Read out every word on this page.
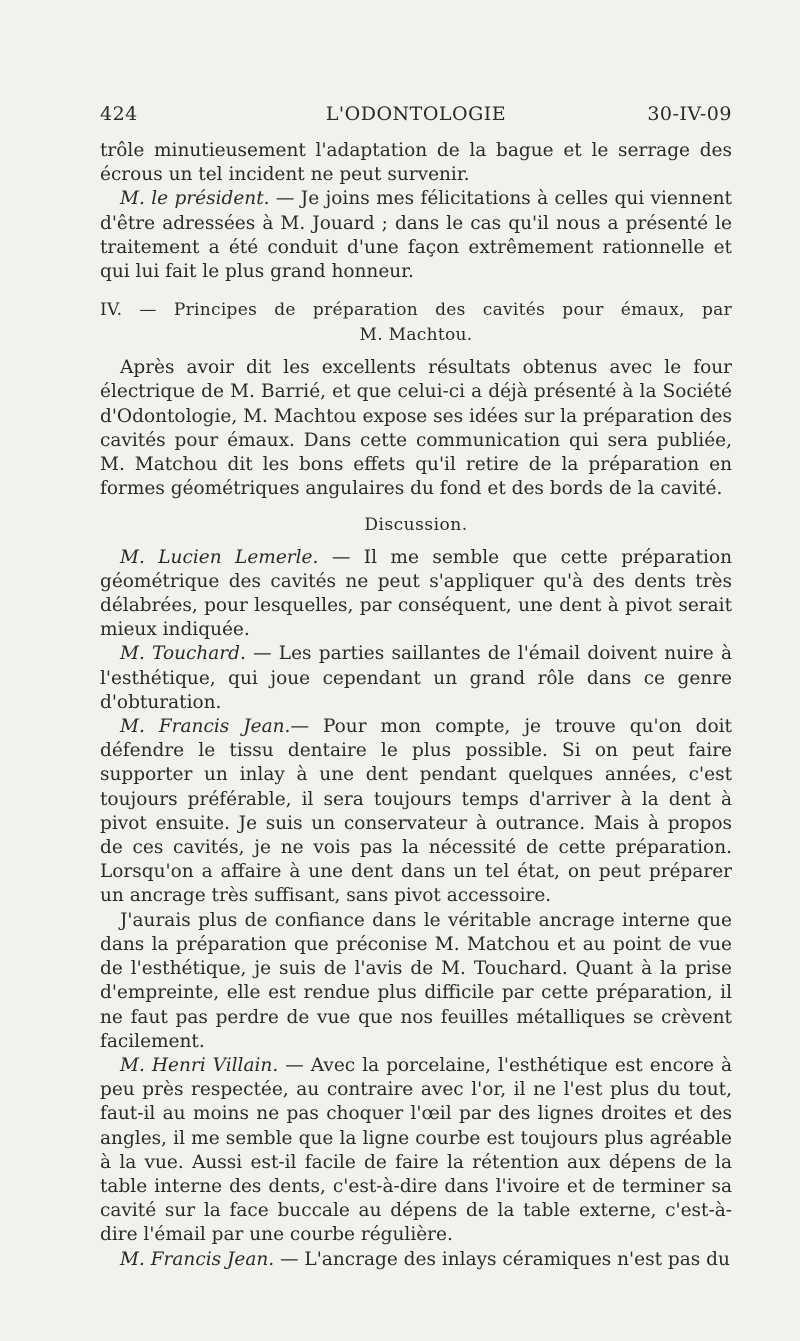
424	L'ODONTOLOGIE	30-IV-09

trôle minutieusement l'adaptation de la bague et le serrage des écrous un tel incident ne peut survenir.

M. le président. — Je joins mes félicitations à celles qui viennent d'être adressées à M. Jouard ; dans le cas qu'il nous a présenté le traitement a été conduit d'une façon extrêmement rationnelle et qui lui fait le plus grand honneur.

IV. — Principes de préparation des cavités pour émaux, par
M. Machtou.

Après avoir dit les excellents résultats obtenus avec le four électrique de M. Barrié, et que celui-ci a déjà présenté à la Société d'Odontologie, M. Machtou expose ses idées sur la préparation des cavités pour émaux. Dans cette communication qui sera publiée, M. Matchou dit les bons effets qu'il retire de la préparation en formes géométriques angulaires du fond et des bords de la cavité.

Discussion.

M. Lucien Lemerle. — Il me semble que cette préparation géométrique des cavités ne peut s'appliquer qu'à des dents très délabrées, pour lesquelles, par conséquent, une dent à pivot serait mieux indiquée.

M. Touchard. — Les parties saillantes de l'émail doivent nuire à l'esthétique, qui joue cependant un grand rôle dans ce genre d'obturation.

M. Francis Jean.— Pour mon compte, je trouve qu'on doit défendre le tissu dentaire le plus possible. Si on peut faire supporter un inlay à une dent pendant quelques années, c'est toujours préférable, il sera toujours temps d'arriver à la dent à pivot ensuite. Je suis un conservateur à outrance. Mais à propos de ces cavités, je ne vois pas la nécessité de cette préparation. Lorsqu'on a affaire à une dent dans un tel état, on peut préparer un ancrage très suffisant, sans pivot accessoire.

J'aurais plus de confiance dans le véritable ancrage interne que dans la préparation que préconise M. Matchou et au point de vue de l'esthétique, je suis de l'avis de M. Touchard. Quant à la prise d'empreinte, elle est rendue plus difficile par cette préparation, il ne faut pas perdre de vue que nos feuilles métalliques se crèvent facilement.

M. Henri Villain. — Avec la porcelaine, l'esthétique est encore à peu près respectée, au contraire avec l'or, il ne l'est plus du tout, faut-il au moins ne pas choquer l'œil par des lignes droites et des angles, il me semble que la ligne courbe est toujours plus agréable à la vue. Aussi est-il facile de faire la rétention aux dépens de la table interne des dents, c'est-à-dire dans l'ivoire et de terminer sa cavité sur la face buccale au dépens de la table externe, c'est-à-dire l'émail par une courbe régulière.

M. Francis Jean. — L'ancrage des inlays céramiques n'est pas du
